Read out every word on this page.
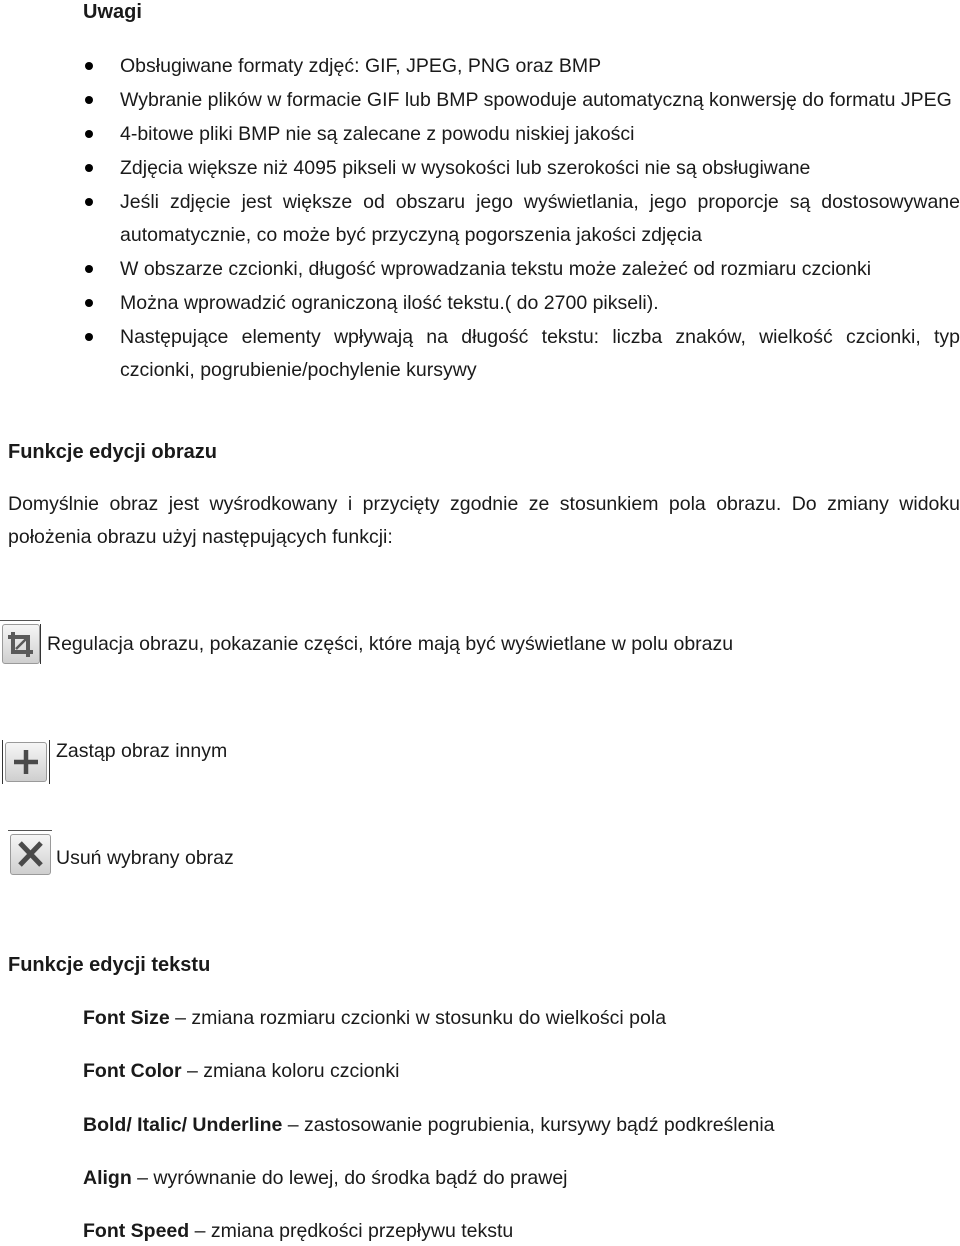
Uwagi
Obsługiwane formaty zdjęć: GIF, JPEG, PNG oraz BMP
Wybranie plików w formacie GIF lub BMP spowoduje automatyczną konwersję do formatu JPEG
4-bitowe pliki BMP nie są zalecane z powodu niskiej jakości
Zdjęcia większe niż 4095 pikseli w wysokości lub szerokości nie są obsługiwane
Jeśli zdjęcie jest większe od obszaru jego wyświetlania, jego proporcje są dostosowywane automatycznie, co może być przyczyną pogorszenia jakości zdjęcia
W obszarze czcionki, długość wprowadzania tekstu może zależeć od rozmiaru czcionki
Można wprowadzić ograniczoną ilość tekstu.( do 2700 pikseli).
Następujące elementy wpływają na długość tekstu: liczba znaków, wielkość czcionki, typ czcionki, pogrubienie/pochylenie kursywy
Funkcje edycji obrazu
Domyślnie obraz jest wyśrodkowany i przycięty zgodnie ze stosunkiem pola obrazu. Do zmiany widoku położenia obrazu użyj następujących funkcji:
Regulacja obrazu, pokazanie części, które mają być wyświetlane w polu obrazu
Zastąp obraz innym
Usuń wybrany obraz
Funkcje edycji tekstu
Font Size – zmiana rozmiaru czcionki w stosunku do wielkości pola
Font Color – zmiana koloru czcionki
Bold/ Italic/ Underline – zastosowanie pogrubienia, kursywy bądź podkreślenia
Align – wyrównanie do lewej, do środka bądź do prawej
Font Speed – zmiana prędkości przepływu tekstu
